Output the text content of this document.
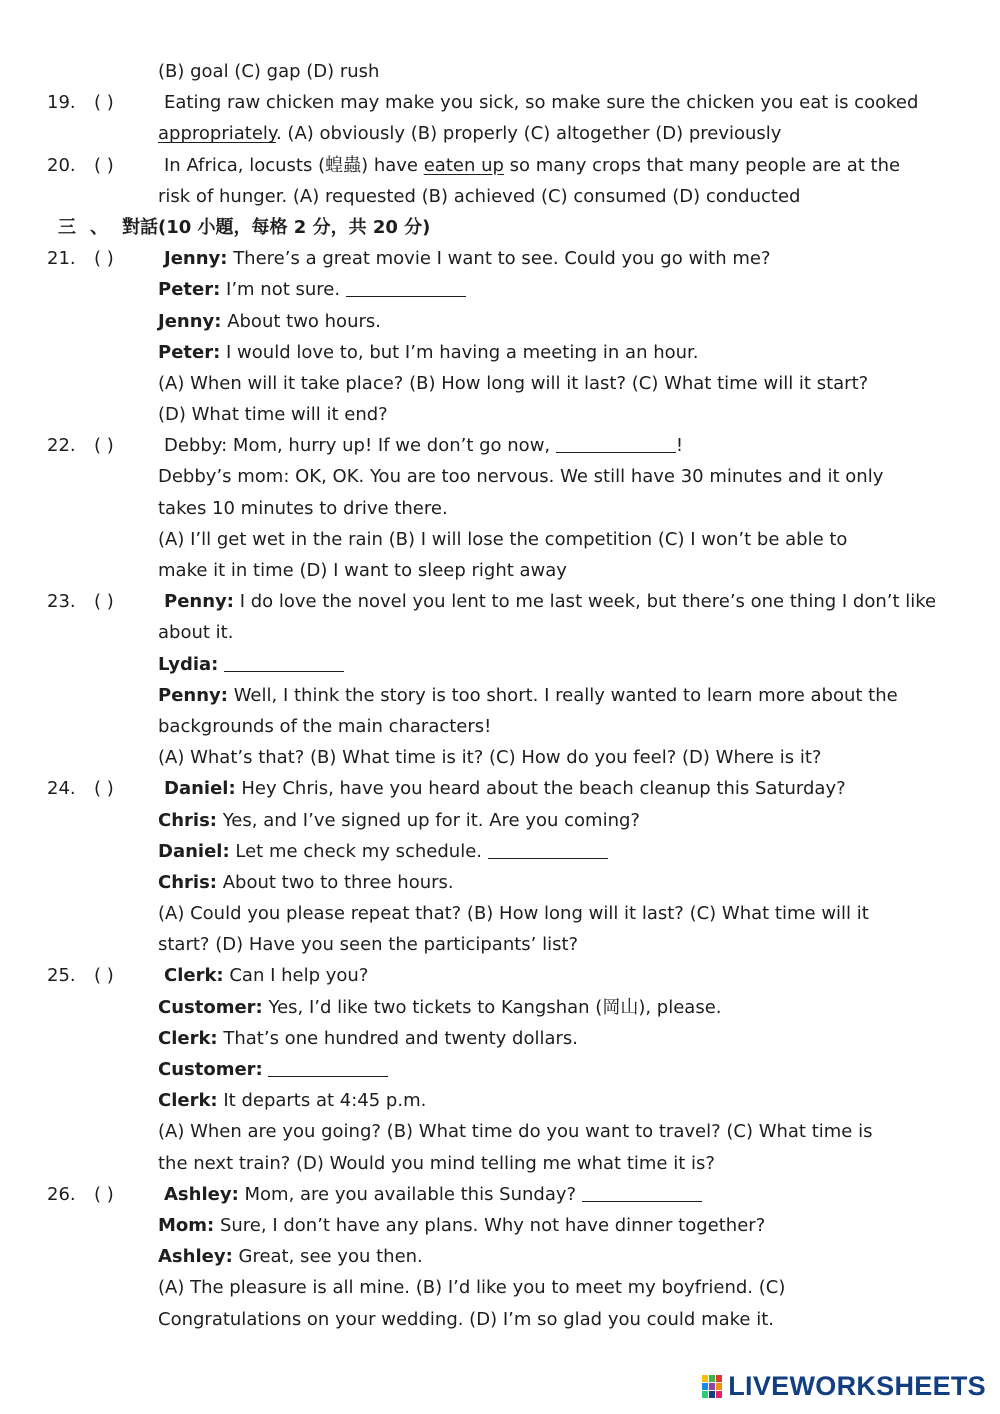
(B) goal (C) gap (D) rush
19. ( )	Eating raw chicken may make you sick, so make sure the chicken you eat is cooked
appropriately. (A) obviously (B) properly (C) altogether (D) previously
20. ( )	In Africa, locusts (蝗蟲) have eaten up so many crops that many people are at the
risk of hunger. (A) requested (B) achieved (C) consumed (D) conducted
三 、 對話(10 小題，每格 2 分，共 20 分)
21. ( )	Jenny: There’s a great movie I want to see. Could you go with me?
Peter: I’m not sure.
Jenny: About two hours.
Peter: I would love to, but I’m having a meeting in an hour.
(A) When will it take place? (B) How long will it last? (C) What time will it start?
(D) What time will it end?
22. ( )	Debby: Mom, hurry up! If we don’t go now,	!
Debby’s mom: OK, OK. You are too nervous. We still have 30 minutes and it only
takes 10 minutes to drive there.
(A) I’ll get wet in the rain (B) I will lose the competition (C) I won’t be able to
make it in time (D) I want to sleep right away
23. ( )	Penny: I do love the novel you lent to me last week, but there’s one thing I don’t like
about it.
Lydia:
Penny: Well, I think the story is too short. I really wanted to learn more about the
backgrounds of the main characters!
(A) What’s that? (B) What time is it? (C) How do you feel? (D) Where is it?
24. ( )	Daniel: Hey Chris, have you heard about the beach cleanup this Saturday?
Chris: Yes, and I’ve signed up for it. Are you coming?
Daniel: Let me check my schedule.
Chris: About two to three hours.
(A) Could you please repeat that? (B) How long will it last? (C) What time will it
start? (D) Have you seen the participants’ list?
25. ( )	Clerk: Can I help you?
Customer: Yes, I’d like two tickets to Kangshan (岡山), please.
Clerk: That’s one hundred and twenty dollars.
Customer:
Clerk: It departs at 4:45 p.m.
(A) When are you going? (B) What time do you want to travel? (C) What time is
the next train? (D) Would you mind telling me what time it is?
26. ( )	Ashley: Mom, are you available this Sunday?
Mom: Sure, I don’t have any plans. Why not have dinner together?
Ashley: Great, see you then.
(A) The pleasure is all mine. (B) I’d like you to meet my boyfriend. (C)
Congratulations on your wedding. (D) I’m so glad you could make it.
LIVEWORKSHEETS
